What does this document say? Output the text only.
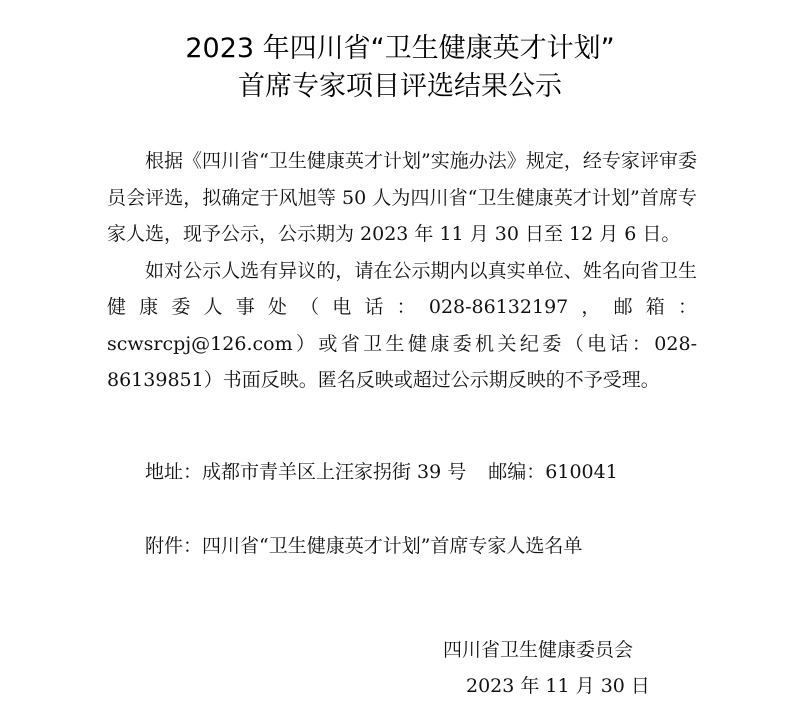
2023 年四川省“卫生健康英才计划”
首席专家项目评选结果公示

根据《四川省“卫生健康英才计划”实施办法》规定，经专家评审委员会评选，拟确定于风旭等 50 人为四川省“卫生健康英才计划”首席专家人选，现予公示，公示期为 2023 年 11 月 30 日至 12 月 6 日。

如对公示人选有异议的，请在公示期内以真实单位、姓名向省卫生健康委人事处（电话：028-86132197，邮箱：scwsrcpj@126.com）或省卫生健康委机关纪委（电话：028-86139851）书面反映。匿名反映或超过公示期反映的不予受理。

地址：成都市青羊区上汪家拐街 39 号 邮编：610041
附件：四川省“卫生健康英才计划”首席专家人选名单
四川省卫生健康委员会
2023 年 11 月 30 日
